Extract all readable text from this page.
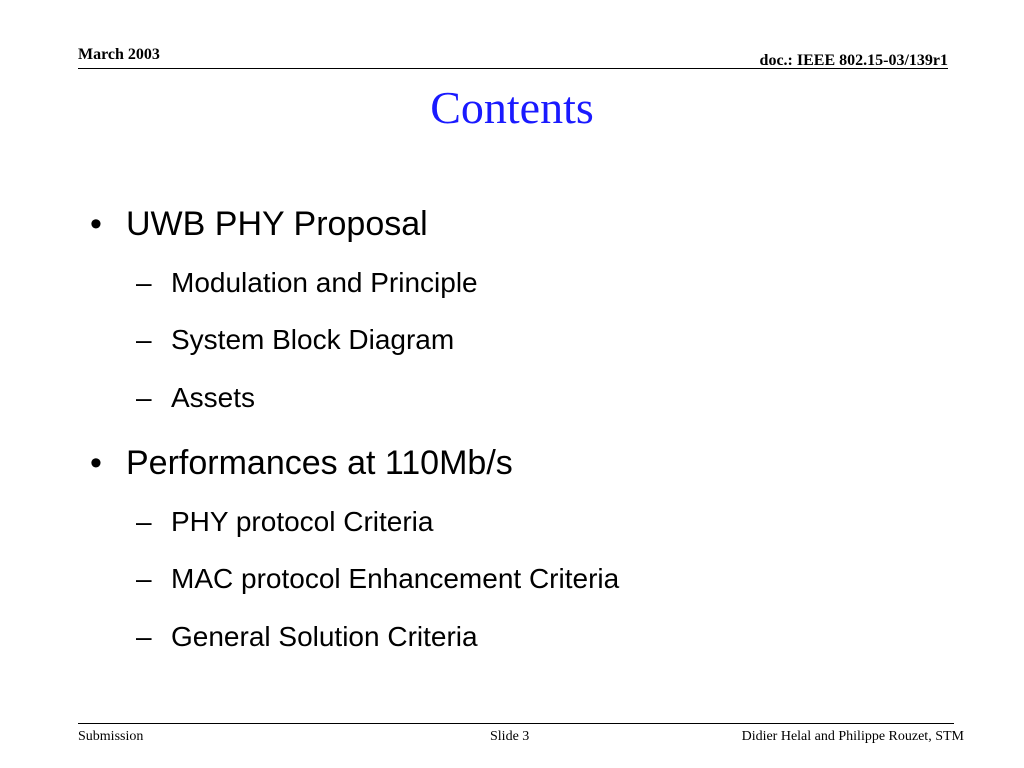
March 2003	doc.: IEEE 802.15-03/139r1
Contents
• UWB PHY Proposal
– Modulation and Principle
– System Block Diagram
– Assets
• Performances at 110Mb/s
– PHY protocol Criteria
– MAC protocol Enhancement Criteria
– General Solution Criteria
Submission	Slide 3	Didier Helal and Philippe Rouzet, STM
